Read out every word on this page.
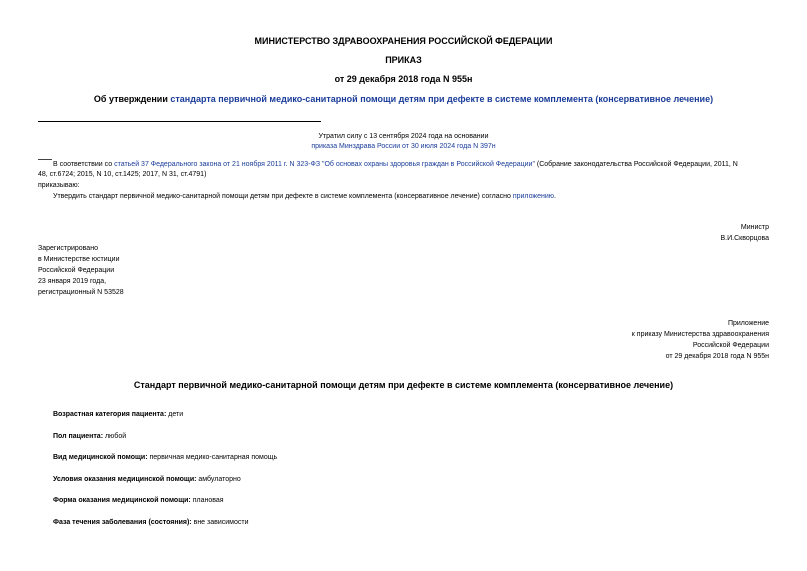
МИНИСТЕРСТВО ЗДРАВООХРАНЕНИЯ РОССИЙСКОЙ ФЕДЕРАЦИИ
ПРИКАЗ
от 29 декабря 2018 года N 955н
Об утверждении стандарта первичной медико-санитарной помощи детям при дефекте в системе комплемента (консервативное лечение)
Утратил силу с 13 сентября 2024 года на основании
приказа Минздрава России от 30 июля 2024 года N 397н
В соответствии со статьей 37 Федерального закона от 21 ноября 2011 г. N 323-ФЗ "Об основах охраны здоровья граждан в Российской Федерации" (Собрание законодательства Российской Федерации, 2011, N
48, ст.6724; 2015, N 10, ст.1425; 2017, N 31, ст.4791)
приказываю:
Утвердить стандарт первичной медико-санитарной помощи детям при дефекте в системе комплемента (консервативное лечение) согласно приложению.
Министр
В.И.Скворцова
Зарегистрировано
в Министерстве юстиции
Российской Федерации
23 января 2019 года,
регистрационный N 53528
Приложение
к приказу Министерства здравоохранения
Российской Федерации
от 29 декабря 2018 года N 955н
Стандарт первичной медико-санитарной помощи детям при дефекте в системе комплемента (консервативное лечение)
Возрастная категория пациента: дети
Пол пациента: любой
Вид медицинской помощи: первичная медико-санитарная помощь
Условия оказания медицинской помощи: амбулаторно
Форма оказания медицинской помощи: плановая
Фаза течения заболевания (состояния): вне зависимости
